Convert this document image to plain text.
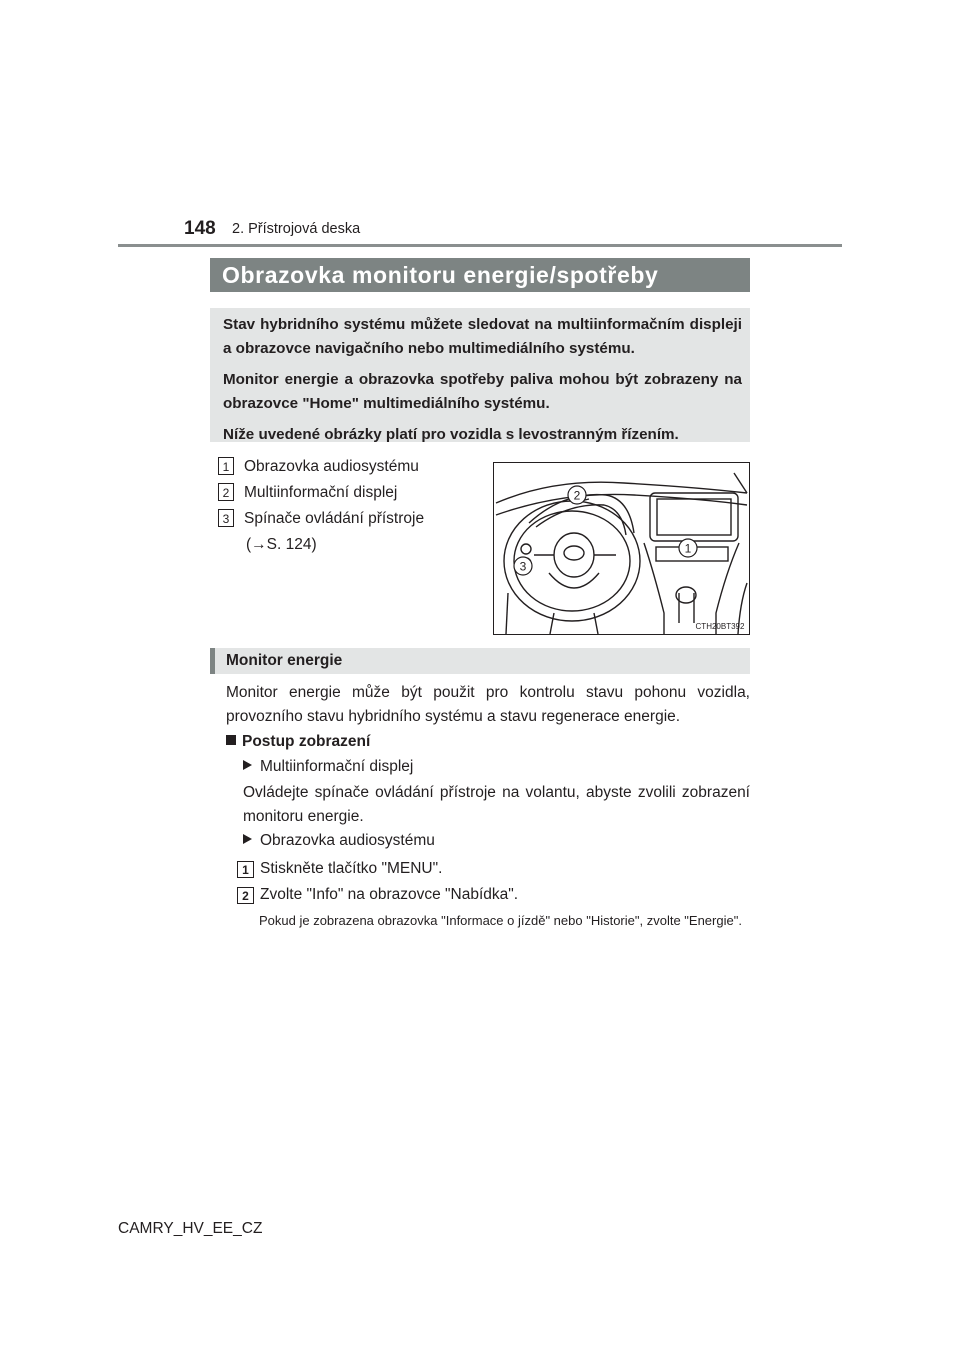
148 2. Přístrojová deska
Obrazovka monitoru energie/spotřeby

Stav hybridního systému můžete sledovat na multiinformačním displeji a obrazovce navigačního nebo multimediálního systému.

Monitor energie a obrazovka spotřeby paliva mohou být zobrazeny na obrazovce "Home" multimediálního systému.

Níže uvedené obrázky platí pro vozidla s levostranným řízením.

1 Obrazovka audiosystému
2 Multiinformační displej
3 Spínače ovládání přístroje
(→S. 124)
2
1
3
CTH20BT392
Monitor energie
Monitor energie může být použit pro kontrolu stavu pohonu vozidla, provozního stavu hybridního systému a stavu regenerace energie.
Postup zobrazení
Multiinformační displej
Ovládejte spínače ovládání přístroje na volantu, abyste zvolili zobrazení monitoru energie.
Obrazovka audiosystému
1 Stiskněte tlačítko "MENU".
2 Zvolte "Info" na obrazovce "Nabídka".
Pokud je zobrazena obrazovka "Informace o jízdě" nebo "Historie", zvolte "Energie".
CAMRY_HV_EE_CZ
